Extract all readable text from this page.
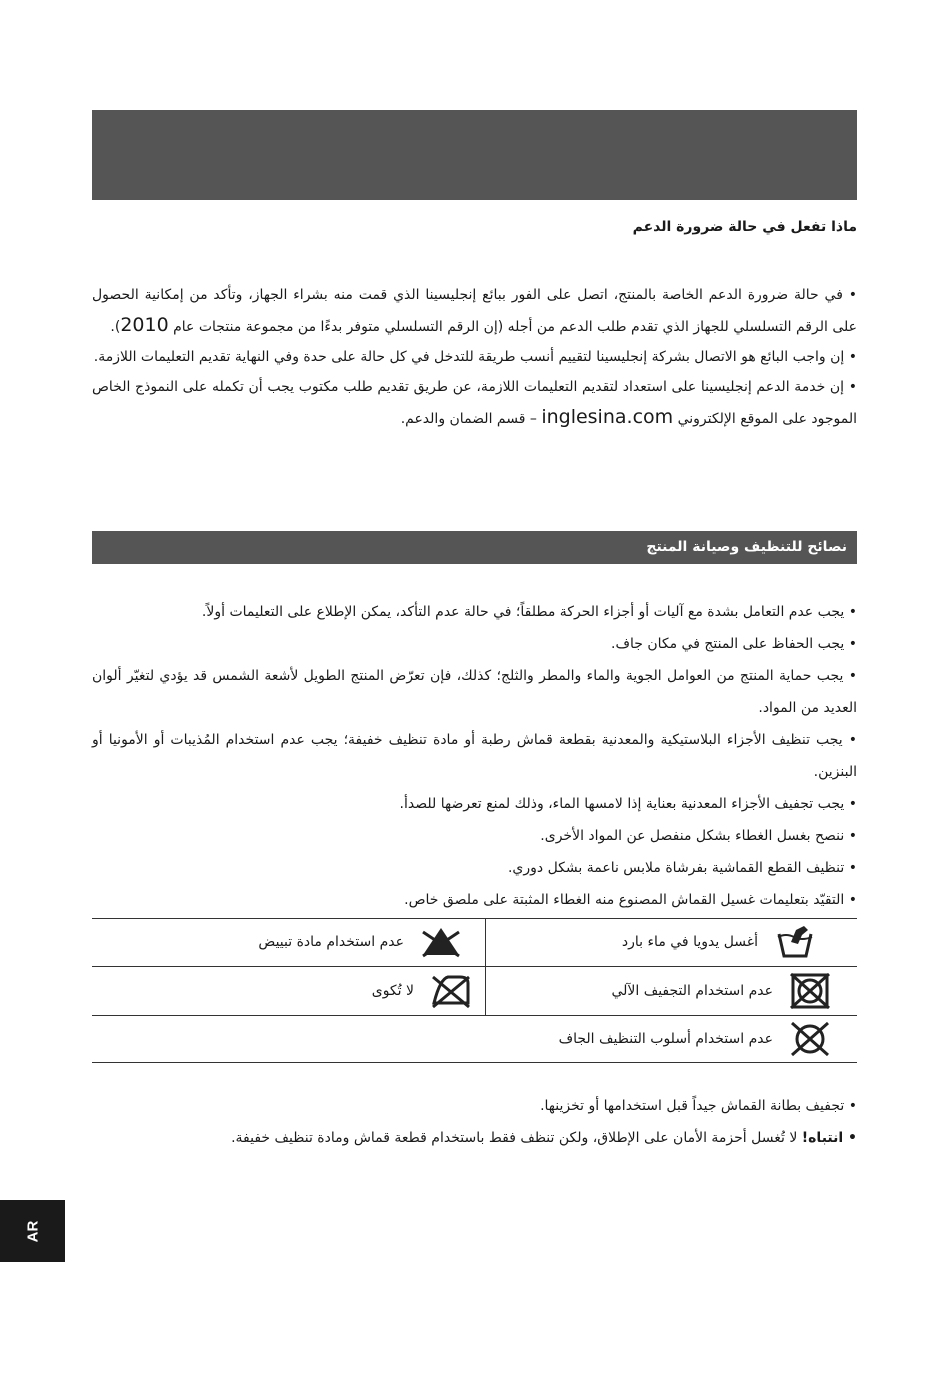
ماذا تفعل في حالة ضرورة الدعم

• في حالة ضرورة الدعم الخاصة بالمنتج، اتصل على الفور ببائع إنجليسينا الذي قمت منه بشراء الجهاز، وتأكد من إمكانية الحصول على الرقم التسلسلي للجهاز الذي تقدم طلب الدعم من أجله (إن الرقم التسلسلي متوفر بدءًا من مجموعة منتجات عام 2010).

• إن واجب البائع هو الاتصال بشركة إنجليسينا لتقييم أنسب طريقة للتدخل في كل حالة على حدة وفي النهاية تقديم التعليمات اللازمة.

• إن خدمة الدعم إنجليسينا على استعداد لتقديم التعليمات اللازمة، عن طريق تقديم طلب مكتوب يجب أن تكمله على النموذج الخاص الموجود على الموقع الإلكتروني inglesina.com – قسم الضمان والدعم.

نصائح للتنظيف وصيانة المنتج

• يجب عدم التعامل بشدة مع آليات أو أجزاء الحركة مطلقاً؛ في حالة عدم التأكد، يمكن الإطلاع على التعليمات أولاً.

• يجب الحفاظ على المنتج في مكان جاف.

• يجب حماية المنتج من العوامل الجوية والماء والمطر والثلج؛ كذلك، فإن تعرّض المنتج الطويل لأشعة الشمس قد يؤدي لتغيّر ألوان العديد من المواد.

• يجب تنظيف الأجزاء البلاستيكية والمعدنية بقطعة قماش رطبة أو مادة تنظيف خفيفة؛ يجب عدم استخدام المُذيبات أو الأمونيا أو البنزين.

• يجب تجفيف الأجزاء المعدنية بعناية إذا لامسها الماء، وذلك لمنع تعرضها للصدأ.

• ننصح بغسل الغطاء بشكل منفصل عن المواد الأخرى.

• تنظيف القطع القماشية بفرشاة ملابس ناعمة بشكل دوري.

• التقيّد بتعليمات غسيل القماش المصنوع منه الغطاء المثبتة على ملصق خاص.

أغسل يدويا في ماء بارد
عدم استخدام مادة تبييض
عدم استخدام التجفيف الآلي
لا تُكوى
عدم استخدام أسلوب التنظيف الجاف

• تجفيف بطانة القماش جيداً قبل استخدامها أو تخزينها.

• انتباه! لا تُغسل أحزمة الأمان على الإطلاق، ولكن تنظف فقط باستخدام قطعة قماش ومادة تنظيف خفيفة.

AR
